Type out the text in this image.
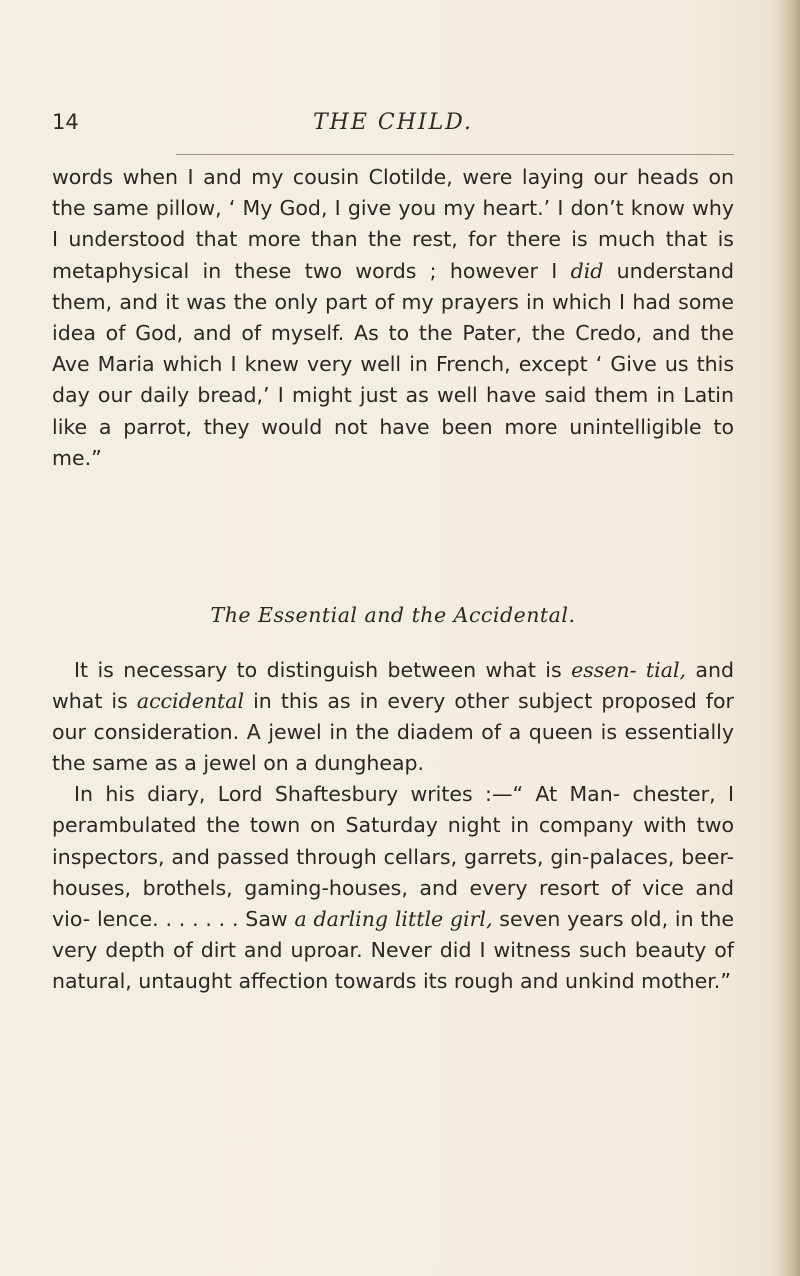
14	THE CHILD.

words when I and my cousin Clotilde, were laying our heads on the same pillow, ‘ My God, I give you my heart.’ I don’t know why I understood that more than the rest, for there is much that is metaphysical in these two words ; however I did understand them, and it was the only part of my prayers in which I had some idea of God, and of myself. As to the Pater, the Credo, and the Ave Maria which I knew very well in French, except ‘ Give us this day our daily bread,’ I might just as well have said them in Latin like a parrot, they would not have been more unintelligible to me.”

The Essential and the Accidental.

It is necessary to distinguish between what is essen- tial, and what is accidental in this as in every other subject proposed for our consideration. A jewel in the diadem of a queen is essentially the same as a jewel on a dungheap.

In his diary, Lord Shaftesbury writes :—“ At Man- chester, I perambulated the town on Saturday night in company with two inspectors, and passed through cellars, garrets, gin-palaces, beer-houses, brothels, gaming-houses, and every resort of vice and vio- lence. . . . . . . Saw a darling little girl, seven years old, in the very depth of dirt and uproar. Never did I witness such beauty of natural, untaught affection towards its rough and unkind mother.”
